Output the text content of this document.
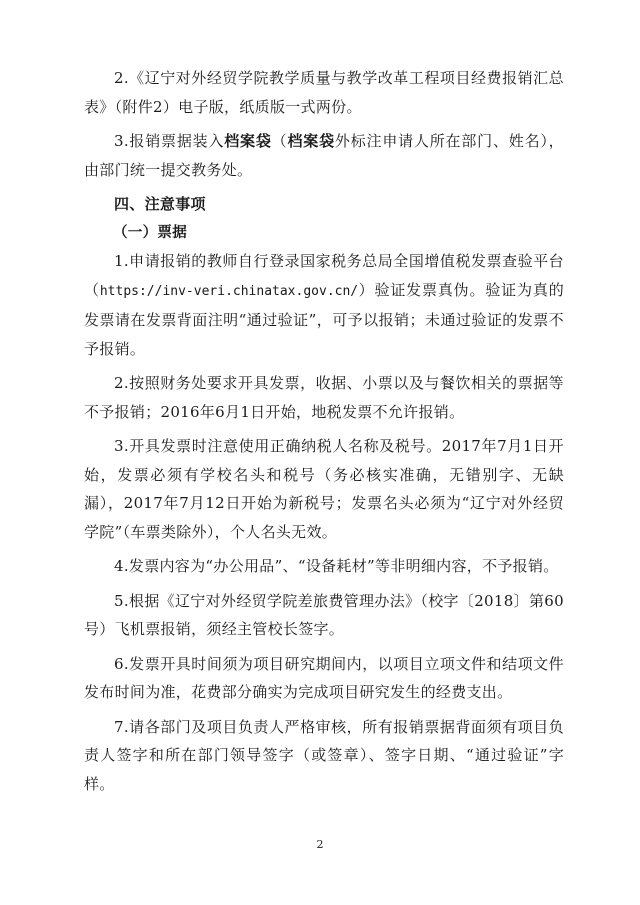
2.《辽宁对外经贸学院教学质量与教学改革工程项目经费报销汇总表》（附件2）电子版，纸质版一式两份。

3.报销票据装入档案袋（档案袋外标注申请人所在部门、姓名），由部门统一提交教务处。

四、注意事项

（一）票据

1.申请报销的教师自行登录国家税务总局全国增值税发票查验平台（https://inv-veri.chinatax.gov.cn/）验证发票真伪。验证为真的发票请在发票背面注明“通过验证”，可予以报销；未通过验证的发票不予报销。

2.按照财务处要求开具发票，收据、小票以及与餐饮相关的票据等不予报销；2016年6月1日开始，地税发票不允许报销。

3.开具发票时注意使用正确纳税人名称及税号。2017年7月1日开始，发票必须有学校名头和税号（务必核实准确，无错别字、无缺漏），2017年7月12日开始为新税号；发票名头必须为“辽宁对外经贸学院”（车票类除外），个人名头无效。

4.发票内容为“办公用品”、“设备耗材”等非明细内容，不予报销。

5.根据《辽宁对外经贸学院差旅费管理办法》（校字〔2018〕第60号）飞机票报销，须经主管校长签字。

6.发票开具时间须为项目研究期间内，以项目立项文件和结项文件发布时间为准，花费部分确实为完成项目研究发生的经费支出。

7.请各部门及项目负责人严格审核，所有报销票据背面须有项目负责人签字和所在部门领导签字（或签章）、签字日期、“通过验证”字样。

2
